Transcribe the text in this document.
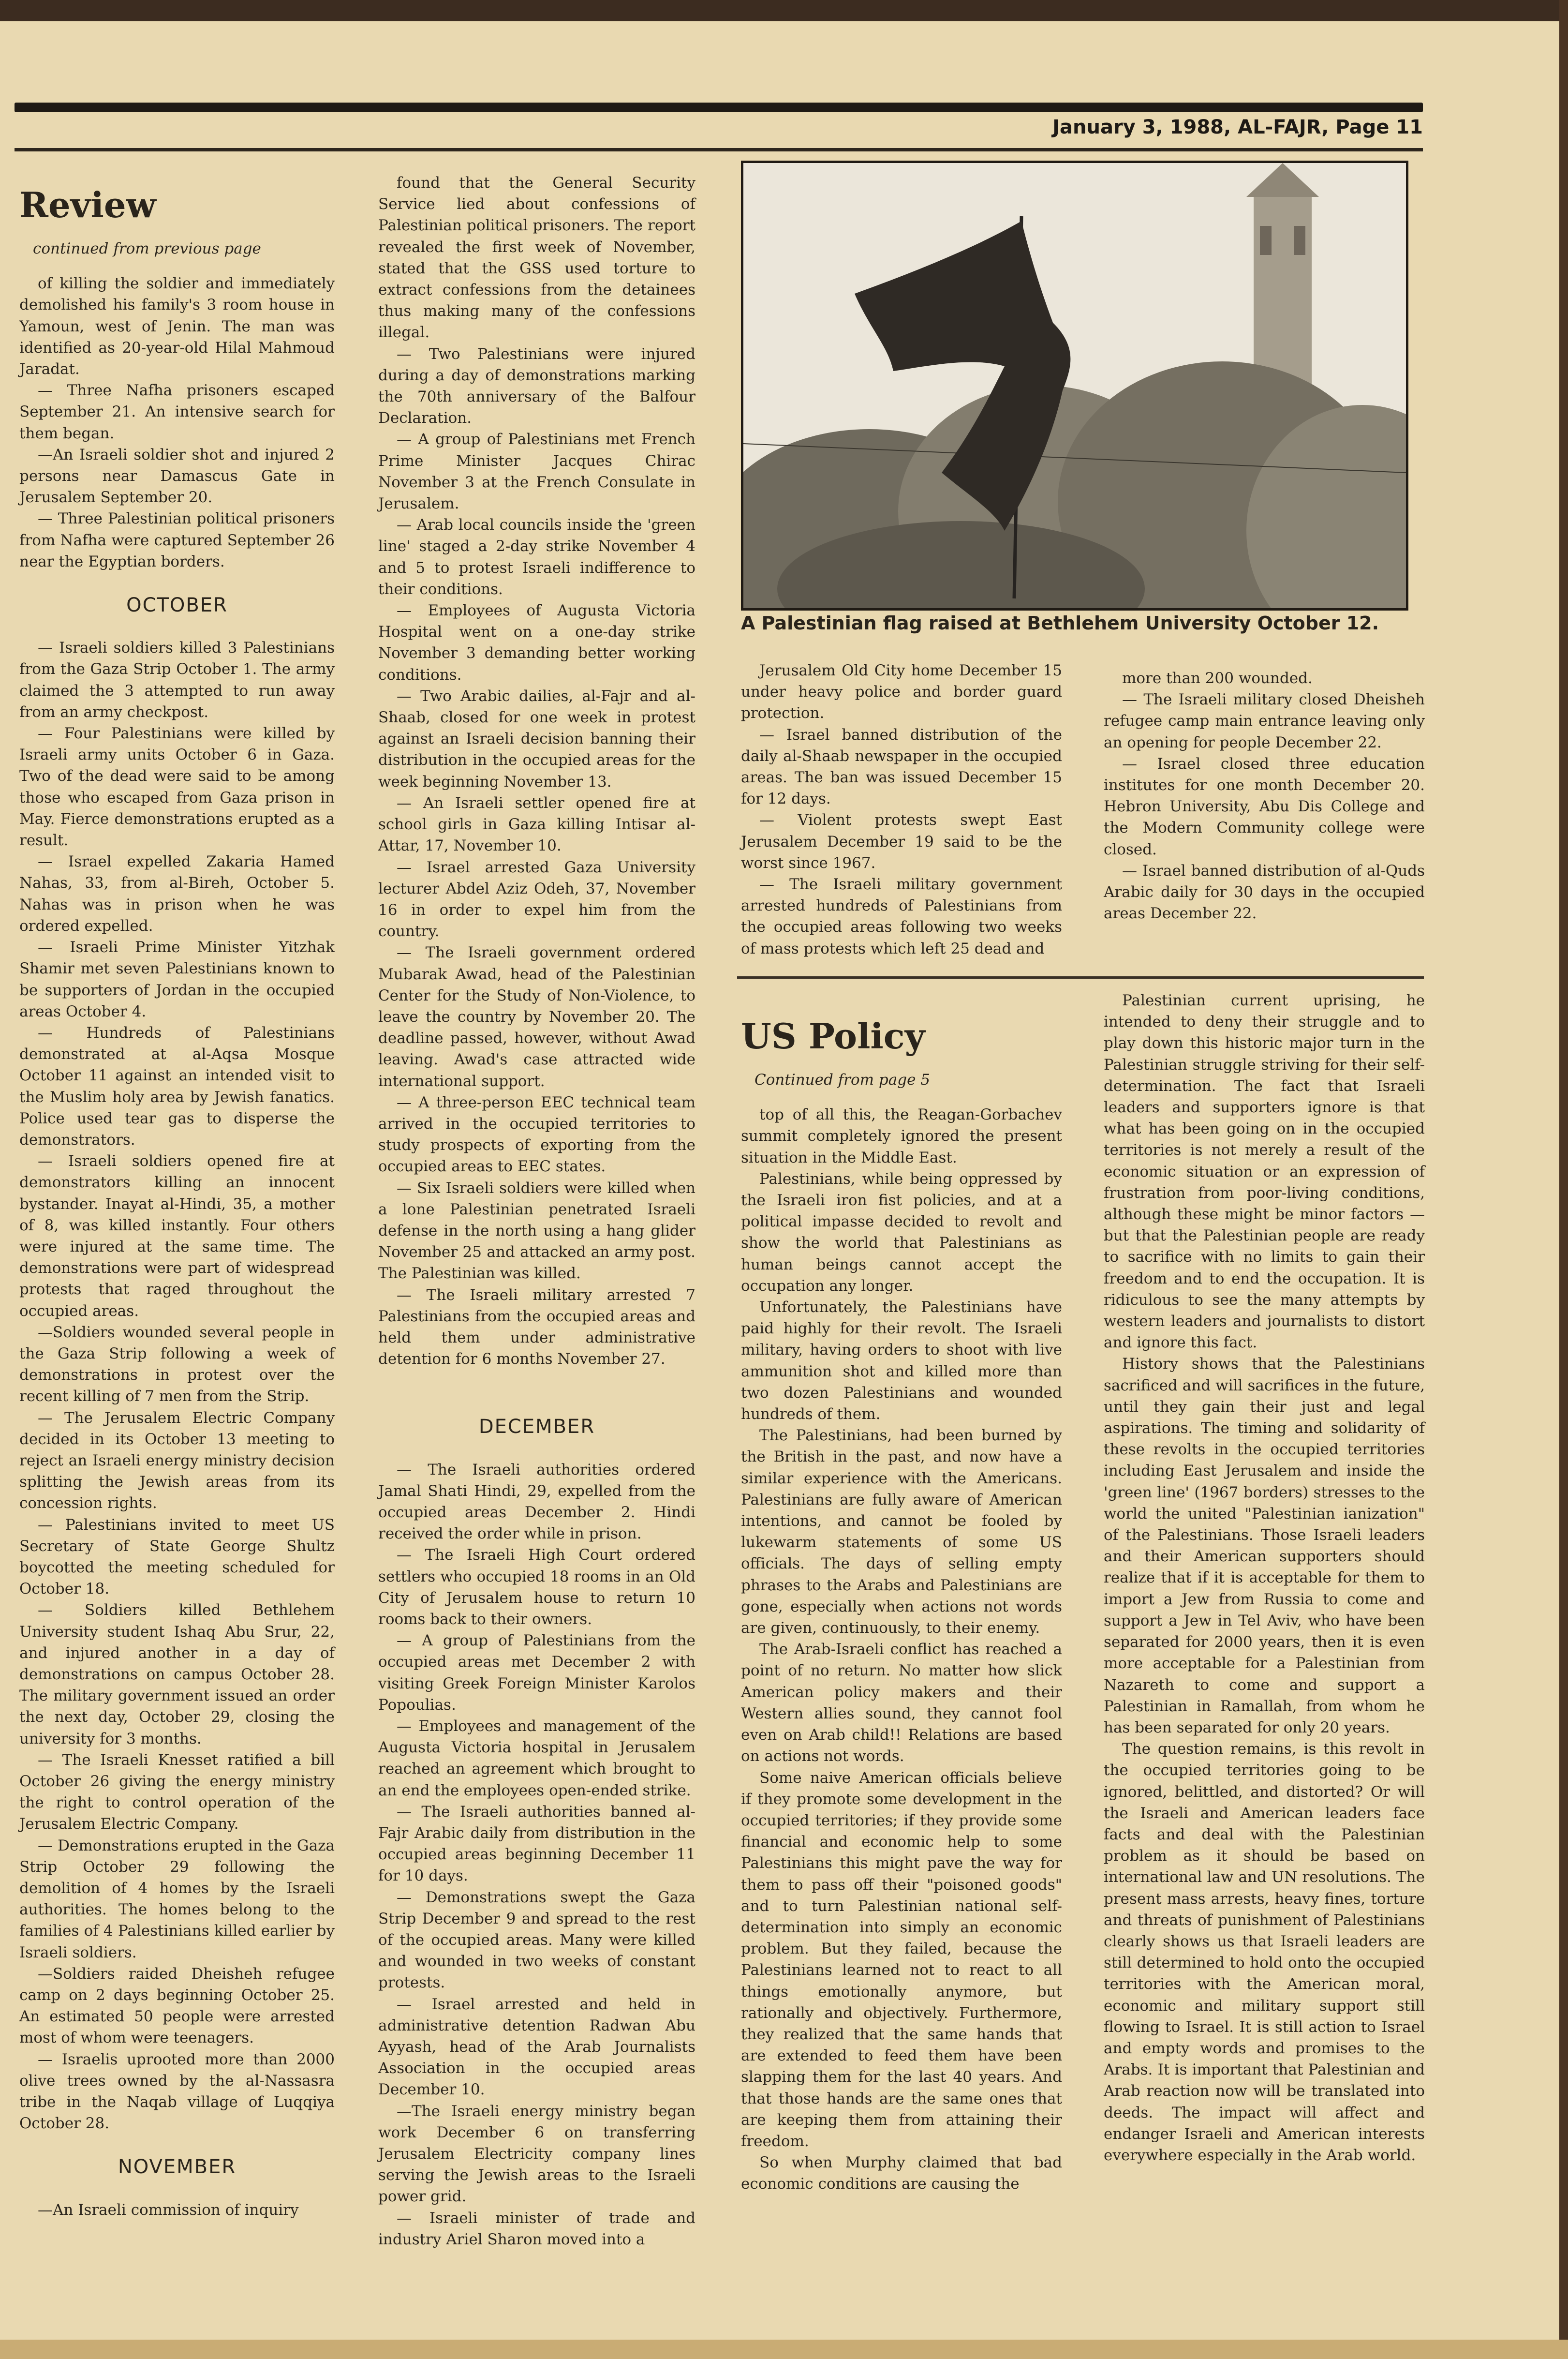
January 3, 1988, AL-FAJR, Page 11
Review
continued from previous page

of killing the soldier and immediately demolished his family's 3 room house in Yamoun, west of Jenin. The man was identified as 20-year-old Hilal Mahmoud Jaradat.

— Three Nafha prisoners escaped September 21. An intensive search for them began.

—An Israeli soldier shot and injured 2 persons near Damascus Gate in Jerusalem September 20.

— Three Palestinian political prisoners from Nafha were captured September 26 near the Egyptian borders.

OCTOBER

— Israeli soldiers killed 3 Palestinians from the Gaza Strip October 1. The army claimed the 3 attempted to run away from an army checkpost.

— Four Palestinians were killed by Israeli army units October 6 in Gaza. Two of the dead were said to be among those who escaped from Gaza prison in May. Fierce demonstrations erupted as a result.

— Israel expelled Zakaria Hamed Nahas, 33, from al-Bireh, October 5. Nahas was in prison when he was ordered expelled.

— Israeli Prime Minister Yitzhak Shamir met seven Palestinians known to be supporters of Jordan in the occupied areas October 4.

— Hundreds of Palestinians demonstrated at al-Aqsa Mosque October 11 against an intended visit to the Muslim holy area by Jewish fanatics. Police used tear gas to disperse the demonstrators.

— Israeli soldiers opened fire at demonstrators killing an innocent bystander. Inayat al-Hindi, 35, a mother of 8, was killed instantly. Four others were injured at the same time. The demonstrations were part of widespread protests that raged throughout the occupied areas.

—Soldiers wounded several people in the Gaza Strip following a week of demonstrations in protest over the recent killing of 7 men from the Strip.

— The Jerusalem Electric Company decided in its October 13 meeting to reject an Israeli energy ministry decision splitting the Jewish areas from its concession rights.

— Palestinians invited to meet US Secretary of State George Shultz boycotted the meeting scheduled for October 18.

— Soldiers killed Bethlehem University student Ishaq Abu Srur, 22, and injured another in a day of demonstrations on campus October 28. The military government issued an order the next day, October 29, closing the university for 3 months.

— The Israeli Knesset ratified a bill October 26 giving the energy ministry the right to control operation of the Jerusalem Electric Company.

— Demonstrations erupted in the Gaza Strip October 29 following the demolition of 4 homes by the Israeli authorities. The homes belong to the families of 4 Palestinians killed earlier by Israeli soldiers.

—Soldiers raided Dheisheh refugee camp on 2 days beginning October 25. An estimated 50 people were arrested most of whom were teenagers.

— Israelis uprooted more than 2000 olive trees owned by the al-Nassasra tribe in the Naqab village of Luqqiya October 28.

NOVEMBER

—An Israeli commission of inquiry

found that the General Security Service lied about confessions of Palestinian political prisoners. The report revealed the first week of November, stated that the GSS used torture to extract confessions from the detainees thus making many of the confessions illegal.

— Two Palestinians were injured during a day of demonstrations marking the 70th anniversary of the Balfour Declaration.

— A group of Palestinians met French Prime Minister Jacques Chirac November 3 at the French Consulate in Jerusalem.

— Arab local councils inside the 'green line' staged a 2-day strike November 4 and 5 to protest Israeli indifference to their conditions.

— Employees of Augusta Victoria Hospital went on a one-day strike November 3 demanding better working conditions.

— Two Arabic dailies, al-Fajr and al-Shaab, closed for one week in protest against an Israeli decision banning their distribution in the occupied areas for the week beginning November 13.

— An Israeli settler opened fire at school girls in Gaza killing Intisar al-Attar, 17, November 10.

— Israel arrested Gaza University lecturer Abdel Aziz Odeh, 37, November 16 in order to expel him from the country.

— The Israeli government ordered Mubarak Awad, head of the Palestinian Center for the Study of Non-Violence, to leave the country by November 20. The deadline passed, however, without Awad leaving. Awad's case attracted wide international support.

— A three-person EEC technical team arrived in the occupied territories to study prospects of exporting from the occupied areas to EEC states.

— Six Israeli soldiers were killed when a lone Palestinian penetrated Israeli defense in the north using a hang glider November 25 and attacked an army post. The Palestinian was killed.

— The Israeli military arrested 7 Palestinians from the occupied areas and held them under administrative detention for 6 months November 27.

DECEMBER

— The Israeli authorities ordered Jamal Shati Hindi, 29, expelled from the occupied areas December 2. Hindi received the order while in prison.

— The Israeli High Court ordered settlers who occupied 18 rooms in an Old City of Jerusalem house to return 10 rooms back to their owners.

— A group of Palestinians from the occupied areas met December 2 with visiting Greek Foreign Minister Karolos Popoulias.

— Employees and management of the Augusta Victoria hospital in Jerusalem reached an agreement which brought to an end the employees open-ended strike.

— The Israeli authorities banned al-Fajr Arabic daily from distribution in the occupied areas beginning December 11 for 10 days.

— Demonstrations swept the Gaza Strip December 9 and spread to the rest of the occupied areas. Many were killed and wounded in two weeks of constant protests.

— Israel arrested and held in administrative detention Radwan Abu Ayyash, head of the Arab Journalists Association in the occupied areas December 10.

—The Israeli energy ministry began work December 6 on transferring Jerusalem Electricity company lines serving the Jewish areas to the Israeli power grid.

— Israeli minister of trade and industry Ariel Sharon moved into a

A Palestinian flag raised at Bethlehem University October 12.

Jerusalem Old City home December 15 under heavy police and border guard protection.

— Israel banned distribution of the daily al-Shaab newspaper in the occupied areas. The ban was issued December 15 for 12 days.

— Violent protests swept East Jerusalem December 19 said to be the worst since 1967.

— The Israeli military government arrested hundreds of Palestinians from the occupied areas following two weeks of mass protests which left 25 dead and

more than 200 wounded.

— The Israeli military closed Dheisheh refugee camp main entrance leaving only an opening for people December 22.

— Israel closed three education institutes for one month December 20. Hebron University, Abu Dis College and the Modern Community college were closed.

— Israel banned distribution of al-Quds Arabic daily for 30 days in the occupied areas December 22.

US Policy
Continued from page 5

top of all this, the Reagan-Gorbachev summit completely ignored the present situation in the Middle East.

Palestinians, while being oppressed by the Israeli iron fist policies, and at a political impasse decided to revolt and show the world that Palestinians as human beings cannot accept the occupation any longer.

Unfortunately, the Palestinians have paid highly for their revolt. The Israeli military, having orders to shoot with live ammunition shot and killed more than two dozen Palestinians and wounded hundreds of them.

The Palestinians, had been burned by the British in the past, and now have a similar experience with the Americans. Palestinians are fully aware of American intentions, and cannot be fooled by lukewarm statements of some US officials. The days of selling empty phrases to the Arabs and Palestinians are gone, especially when actions not words are given, continuously, to their enemy.

The Arab-Israeli conflict has reached a point of no return. No matter how slick American policy makers and their Western allies sound, they cannot fool even on Arab child!! Relations are based on actions not words.

Some naive American officials believe if they promote some development in the occupied territories; if they provide some financial and economic help to some Palestinians this might pave the way for them to pass off their "poisoned goods" and to turn Palestinian national self-determination into simply an economic problem. But they failed, because the Palestinians learned not to react to all things emotionally anymore, but rationally and objectively. Furthermore, they realized that the same hands that are extended to feed them have been slapping them for the last 40 years. And that those hands are the same ones that are keeping them from attaining their freedom.

So when Murphy claimed that bad economic conditions are causing the

Palestinian current uprising, he intended to deny their struggle and to play down this historic major turn in the Palestinian struggle striving for their self-determination. The fact that Israeli leaders and supporters ignore is that what has been going on in the occupied territories is not merely a result of the economic situation or an expression of frustration from poor-living conditions, although these might be minor factors — but that the Palestinian people are ready to sacrifice with no limits to gain their freedom and to end the occupation. It is ridiculous to see the many attempts by western leaders and journalists to distort and ignore this fact.

History shows that the Palestinians sacrificed and will sacrifices in the future, until they gain their just and legal aspirations. The timing and solidarity of these revolts in the occupied territories including East Jerusalem and inside the 'green line' (1967 borders) stresses to the world the united "Palestinian ianization" of the Palestinians. Those Israeli leaders and their American supporters should realize that if it is acceptable for them to import a Jew from Russia to come and support a Jew in Tel Aviv, who have been separated for 2000 years, then it is even more acceptable for a Palestinian from Nazareth to come and support a Palestinian in Ramallah, from whom he has been separated for only 20 years.

The question remains, is this revolt in the occupied territories going to be ignored, belittled, and distorted? Or will the Israeli and American leaders face facts and deal with the Palestinian problem as it should be based on international law and UN resolutions. The present mass arrests, heavy fines, torture and threats of punishment of Palestinians clearly shows us that Israeli leaders are still determined to hold onto the occupied territories with the American moral, economic and military support still flowing to Israel. It is still action to Israel and empty words and promises to the Arabs. It is important that Palestinian and Arab reaction now will be translated into deeds. The impact will affect and endanger Israeli and American interests everywhere especially in the Arab world.
